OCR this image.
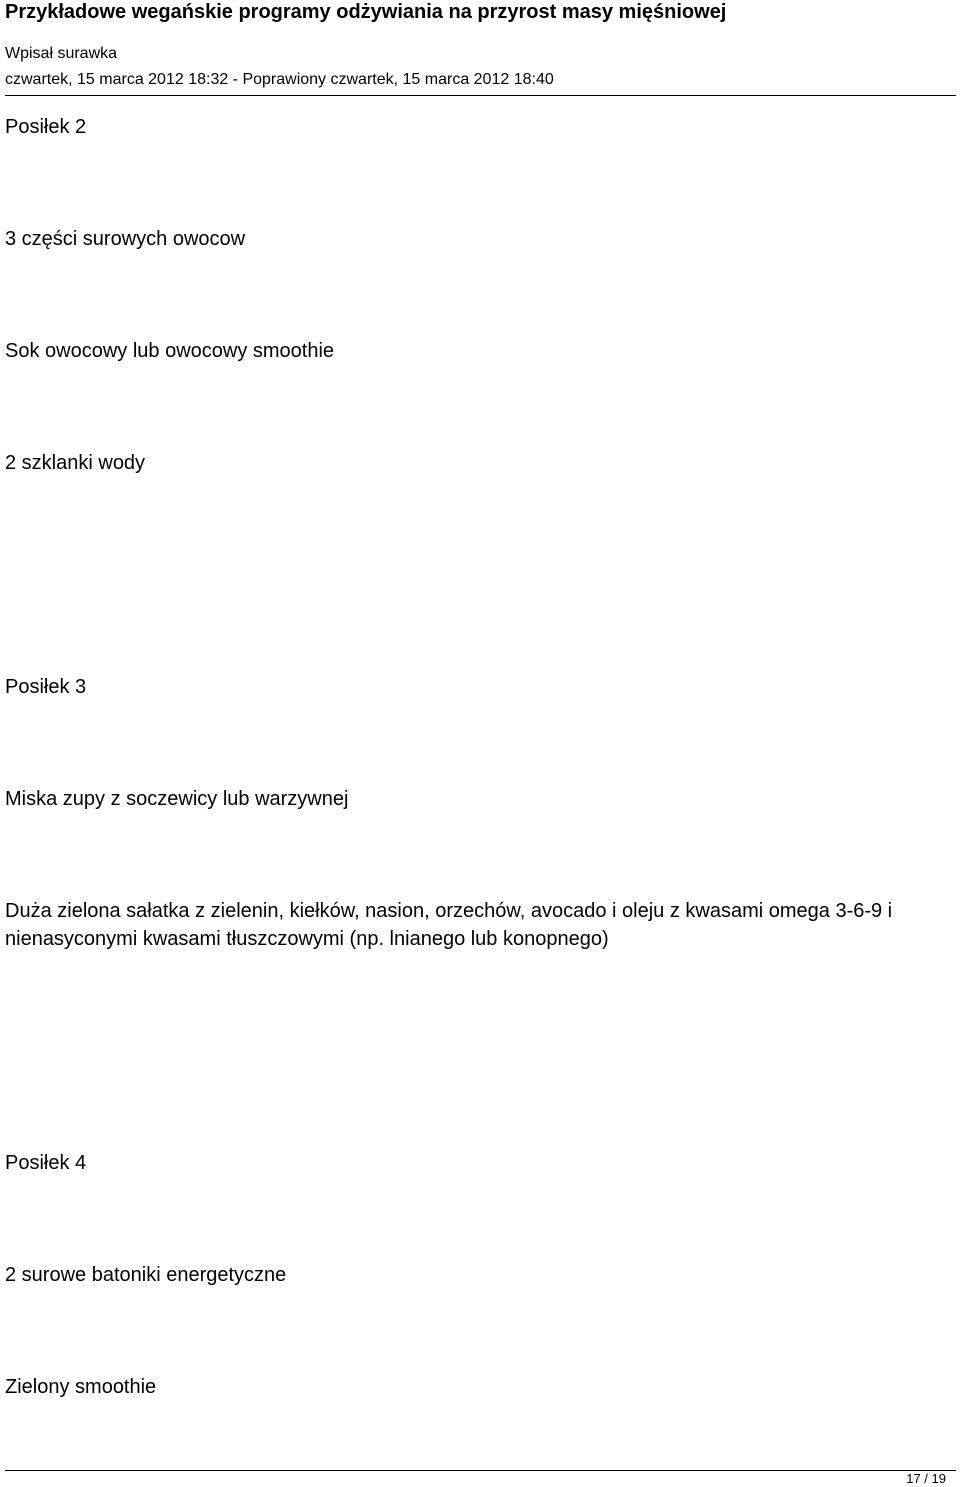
Przykładowe wegańskie programy odżywiania na przyrost masy mięśniowej
Wpisał surawka
czwartek, 15 marca 2012 18:32 - Poprawiony czwartek, 15 marca 2012 18:40
Posiłek 2
3 części surowych owocow
Sok owocowy lub owocowy smoothie
2 szklanki wody
Posiłek 3
Miska zupy z soczewicy lub warzywnej
Duża zielona sałatka z zielenin, kiełków, nasion, orzechów, avocado i oleju z kwasami omega 3-6-9 i nienasyconymi kwasami tłuszczowymi (np. lnianego lub konopnego)
Posiłek 4
2 surowe batoniki energetyczne
Zielony smoothie
17 / 19
